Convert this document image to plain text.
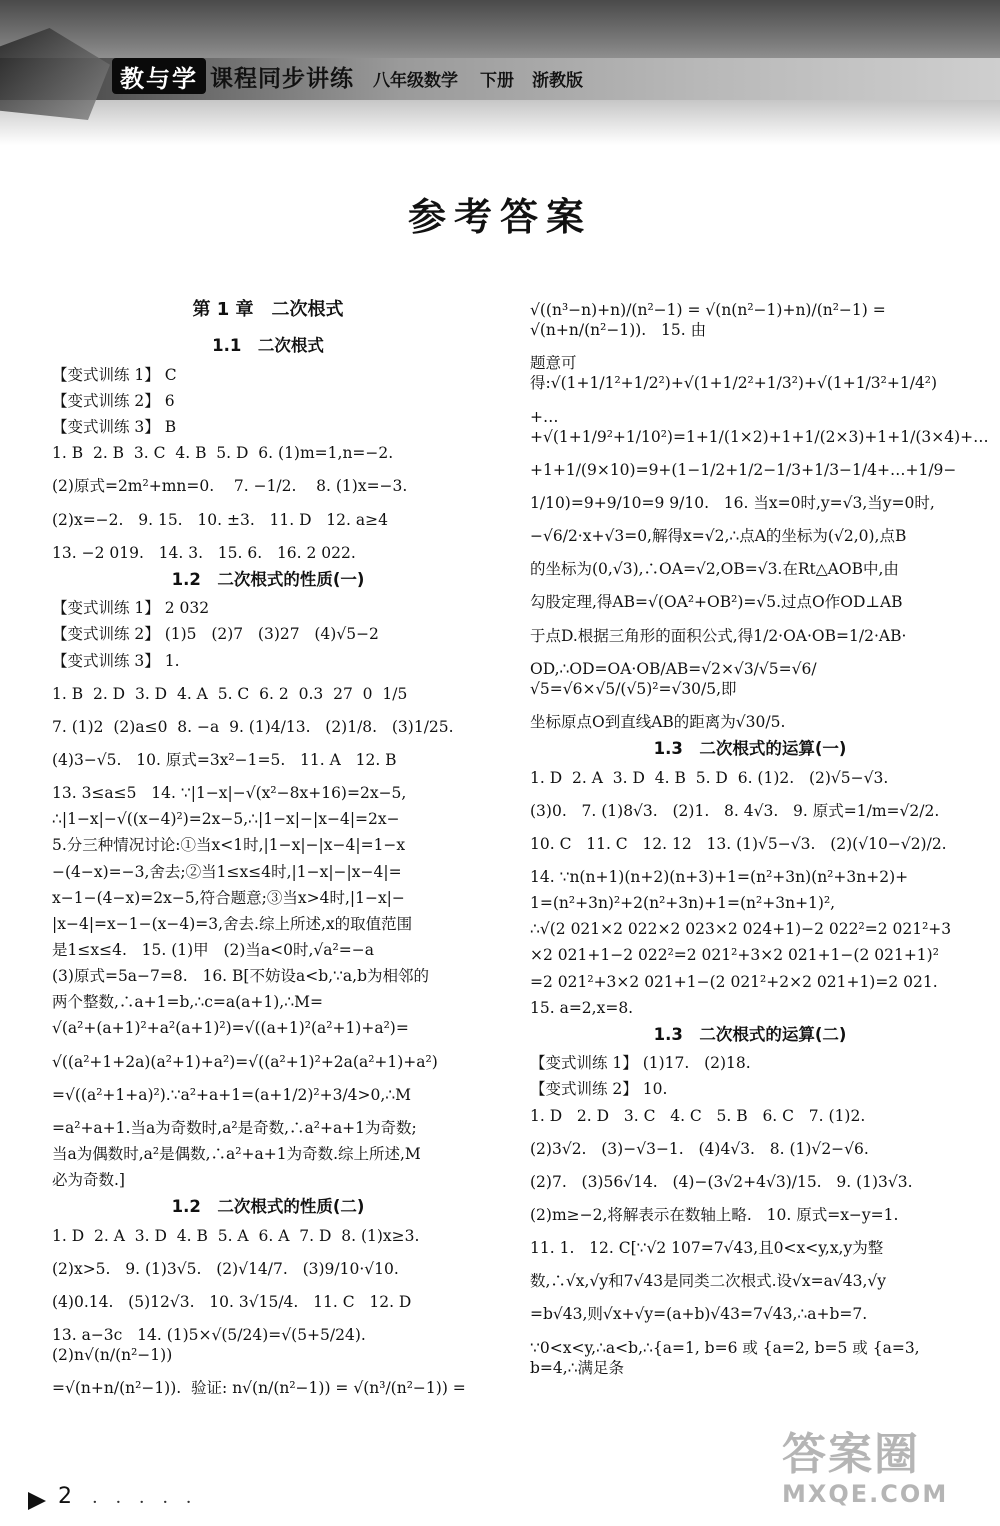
教与学 课程同步讲练 八年级数学 下册 浙教版
参考答案
第 1 章　二次根式
1.1　二次根式
【变式训练 1】 C
【变式训练 2】 6
【变式训练 3】 B
1. B  2. B  3. C  4. B  5. D  6. (1)m=1,n=−2.
(2)原式=2m²+mn=0.    7. −1/2.    8. (1)x=−3.
(2)x=−2.   9. 15.   10. ±3.   11. D   12. a≥4
13. −2 019.   14. 3.   15. 6.   16. 2 022.
1.2　二次根式的性质(一)
【变式训练 1】 2 032
【变式训练 2】 (1)5   (2)7   (3)27   (4)√5−2
【变式训练 3】 1.
1. B  2. D  3. D  4. A  5. C  6. 2  0.3  27  0  1/5
7. (1)2  (2)a≤0  8. −a  9. (1)4/13.   (2)1/8.   (3)1/25.
(4)3−√5.   10. 原式=3x²−1=5.   11. A   12. B
13. 3≤a≤5   14. ∵|1−x|−√(x²−8x+16)=2x−5,
∴|1−x|−√((x−4)²)=2x−5,∴|1−x|−|x−4|=2x−
5.分三种情况讨论:①当x<1时,|1−x|−|x−4|=1−x
−(4−x)=−3,舍去;②当1≤x≤4时,|1−x|−|x−4|=
x−1−(4−x)=2x−5,符合题意;③当x>4时,|1−x|−
|x−4|=x−1−(x−4)=3,舍去.综上所述,x的取值范围
是1≤x≤4.   15. (1)甲   (2)当a<0时,√a²=−a
(3)原式=5a−7=8.   16. B[不妨设a<b,∵a,b为相邻的
两个整数,∴a+1=b,∴c=a(a+1),∴M=
√(a²+(a+1)²+a²(a+1)²)=√((a+1)²(a²+1)+a²)=
√((a²+1+2a)(a²+1)+a²)=√((a²+1)²+2a(a²+1)+a²)
=√((a²+1+a)²).∵a²+a+1=(a+1/2)²+3/4>0,∴M
=a²+a+1.当a为奇数时,a²是奇数,∴a²+a+1为奇数;
当a为偶数时,a²是偶数,∴a²+a+1为奇数.综上所述,M
必为奇数.]
1.2　二次根式的性质(二)
1. D  2. A  3. D  4. B  5. A  6. A  7. D  8. (1)x≥3.
(2)x>5.   9. (1)3√5.   (2)√14/7.   (3)9/10·√10.
(4)0.14.   (5)12√3.   10. 3√15/4.   11. C   12. D
13. a−3c   14. (1)5×√(5/24)=√(5+5/24).   (2)n√(n/(n²−1))
=√(n+n/(n²−1)).  验证: n√(n/(n²−1)) = √(n³/(n²−1)) =
√((n³−n)+n)/(n²−1) = √(n(n²−1)+n)/(n²−1) = √(n+n/(n²−1)).   15. 由
题意可得:√(1+1/1²+1/2²)+√(1+1/2²+1/3²)+√(1+1/3²+1/4²)
+…+√(1+1/9²+1/10²)=1+1/(1×2)+1+1/(2×3)+1+1/(3×4)+…
+1+1/(9×10)=9+(1−1/2+1/2−1/3+1/3−1/4+…+1/9−
1/10)=9+9/10=9 9/10.   16. 当x=0时,y=√3,当y=0时,
−√6/2·x+√3=0,解得x=√2,∴点A的坐标为(√2,0),点B
的坐标为(0,√3),∴OA=√2,OB=√3.在Rt△AOB中,由
勾股定理,得AB=√(OA²+OB²)=√5.过点O作OD⊥AB
于点D.根据三角形的面积公式,得1/2·OA·OB=1/2·AB·
OD,∴OD=OA·OB/AB=√2×√3/√5=√6/√5=√6×√5/(√5)²=√30/5,即
坐标原点O到直线AB的距离为√30/5.
1.3　二次根式的运算(一)
1. D  2. A  3. D  4. B  5. D  6. (1)2.   (2)√5−√3.
(3)0.   7. (1)8√3.   (2)1.   8. 4√3.   9. 原式=1/m=√2/2.
10. C   11. C   12. 12   13. (1)√5−√3.   (2)(√10−√2)/2.
14. ∵n(n+1)(n+2)(n+3)+1=(n²+3n)(n²+3n+2)+
1=(n²+3n)²+2(n²+3n)+1=(n²+3n+1)²,
∴√(2 021×2 022×2 023×2 024+1)−2 022²=2 021²+3
×2 021+1−2 022²=2 021²+3×2 021+1−(2 021+1)²
=2 021²+3×2 021+1−(2 021²+2×2 021+1)=2 021.
15. a=2,x=8.
1.3　二次根式的运算(二)
【变式训练 1】 (1)17.   (2)18.
【变式训练 2】 10.
1. D   2. D   3. C   4. C   5. B   6. C   7. (1)2.
(2)3√2.   (3)−√3−1.   (4)4√3.   8. (1)√2−√6.
(2)7.   (3)56√14.   (4)−(3√2+4√3)/15.   9. (1)3√3.
(2)m≥−2,将解表示在数轴上略.   10. 原式=x−y=1.
11. 1.   12. C[∵√2 107=7√43,且0<x<y,x,y为整
数,∴√x,√y和7√43是同类二次根式.设√x=a√43,√y
=b√43,则√x+√y=(a+b)√43=7√43,∴a+b=7.
∵0<x<y,∴a<b,∴{a=1, b=6 或 {a=2, b=5 或 {a=3, b=4,∴满足条
2 · · · · ·
答案圈
MXQE.COM
